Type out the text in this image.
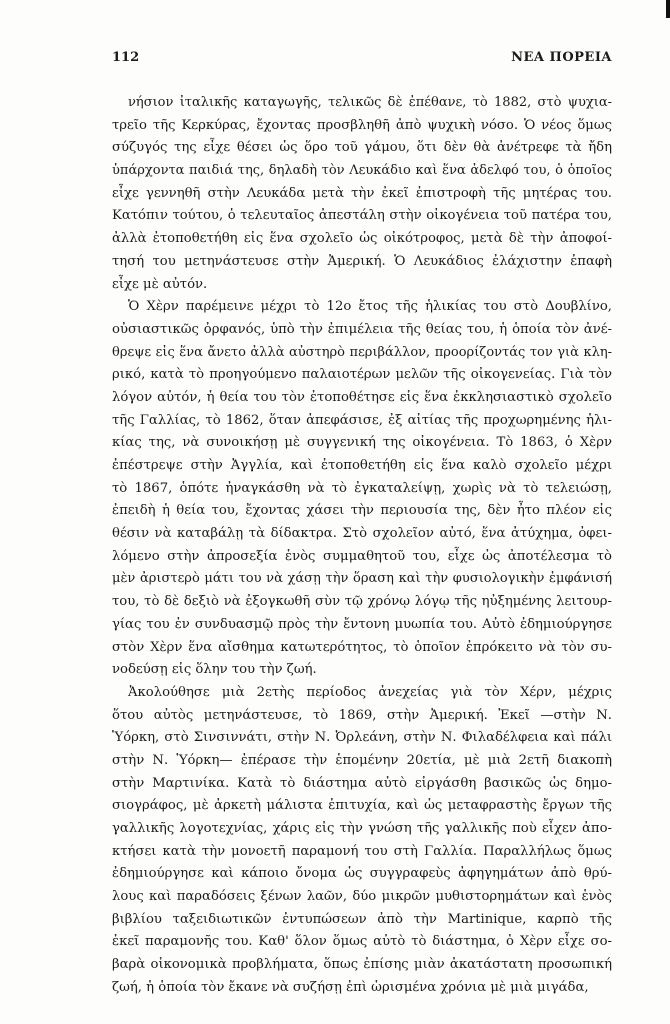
112	ΝΕΑ ΠΟΡΕΙΑ
νήσιον ἰταλικῆς καταγωγῆς, τελικῶς δὲ ἐπέθανε, τὸ 1882, στὸ ψυχια-
τρεῖο τῆς Κερκύρας, ἔχοντας προσβληθῆ ἀπὸ ψυχικὴ νόσο. Ὁ νέος ὅμως
σύζυγός της εἶχε θέσει ὡς ὅρο τοῦ γάμου, ὅτι δὲν θὰ ἀνέτρεφε τὰ ἤδη
ὑπάρχοντα παιδιά της, δηλαδὴ τὸν Λευκάδιο καὶ ἕνα ἀδελφό του, ὁ ὁποῖος
εἶχε γεννηθῆ στὴν Λευκάδα μετὰ τὴν ἐκεῖ ἐπιστροφὴ τῆς μητέρας του.
Κατόπιν τούτου, ὁ τελευταῖος ἀπεστάλη στὴν οἰκογένεια τοῦ πατέρα του,
ἀλλὰ ἐτοποθετήθη εἰς ἕνα σχολεῖο ὡς οἰκότροφος, μετὰ δὲ τὴν ἀποφοί-
τησή του μετηνάστευσε στὴν Ἀμερική. Ὁ Λευκάδιος ἐλάχιστην ἐπαφὴ
εἶχε μὲ αὐτόν.
Ὁ Χὲρν παρέμεινε μέχρι τὸ 12ο ἔτος τῆς ἡλικίας του στὸ Δουβλίνο,
οὐσιαστικῶς ὀρφανός, ὑπὸ τὴν ἐπιμέλεια τῆς θείας του, ἡ ὁποία τὸν ἀνέ-
θρεψε εἰς ἕνα ἄνετο ἀλλὰ αὐστηρὸ περιβάλλον, προορίζοντάς τον γιὰ κλη-
ρικό, κατὰ τὸ προηγούμενο παλαιοτέρων μελῶν τῆς οἰκογενείας. Γιὰ τὸν
λόγον αὐτόν, ἡ θεία του τὸν ἐτοποθέτησε εἰς ἕνα ἐκκλησιαστικὸ σχολεῖο
τῆς Γαλλίας, τὸ 1862, ὅταν ἀπεφάσισε, ἐξ αἰτίας τῆς προχωρημένης ἡλι-
κίας της, νὰ συνοικήσῃ μὲ συγγενική της οἰκογένεια. Τὸ 1863, ὁ Χὲρν
ἐπέστρεψε στὴν Ἀγγλία, καὶ ἐτοποθετήθη εἰς ἕνα καλὸ σχολεῖο μέχρι
τὸ 1867, ὁπότε ἠναγκάσθη νὰ τὸ ἐγκαταλείψῃ, χωρὶς νὰ τὸ τελειώσῃ,
ἐπειδὴ ἡ θεία του, ἔχοντας χάσει τὴν περιουσία της, δὲν ἦτο πλέον εἰς
θέσιν νὰ καταβάλῃ τὰ δίδακτρα. Στὸ σχολεῖον αὐτό, ἕνα ἀτύχημα, ὀφει-
λόμενο στὴν ἀπροσεξία ἑνὸς συμμαθητοῦ του, εἶχε ὡς ἀποτέλεσμα τὸ
μὲν ἀριστερὸ μάτι του νὰ χάσῃ τὴν ὅραση καὶ τὴν φυσιολογικὴν ἐμφάνισή
του, τὸ δὲ δεξιὸ νὰ ἐξογκωθῆ σὺν τῷ χρόνῳ λόγῳ τῆς ηὐξημένης λειτουρ-
γίας του ἐν συνδυασμῷ πρὸς τὴν ἔντονη μυωπία του. Αὐτὸ ἐδημιούργησε
στὸν Χὲρν ἕνα αἴσθημα κατωτερότητος, τὸ ὁποῖον ἐπρόκειτο νὰ τὸν συ-
νοδεύσῃ εἰς ὅλην του τὴν ζωή.
Ἀκολούθησε μιὰ 2ετὴς περίοδος ἀνεχείας γιὰ τὸν Χέρν, μέχρις
ὅτου αὐτὸς μετηνάστευσε, τὸ 1869, στὴν Ἀμερική. Ἐκεῖ —στὴν Ν.
Ὑόρκη, στὸ Σινσιννάτι, στὴν Ν. Ὀρλεάνη, στὴν Ν. Φιλαδέλφεια καὶ πάλι
στὴν Ν. Ὑόρκη— ἐπέρασε τὴν ἑπομένην 20ετία, μὲ μιὰ 2ετῆ διακοπὴ
στὴν Μαρτινίκα. Κατὰ τὸ διάστημα αὐτὸ εἰργάσθη βασικῶς ὡς δημο-
σιογράφος, μὲ ἀρκετὴ μάλιστα ἐπιτυχία, καὶ ὡς μεταφραστὴς ἔργων τῆς
γαλλικῆς λογοτεχνίας, χάρις εἰς τὴν γνώση τῆς γαλλικῆς ποὺ εἶχεν ἀπο-
κτήσει κατὰ τὴν μονοετῆ παραμονή του στὴ Γαλλία. Παραλλήλως ὅμως
ἐδημιούργησε καὶ κάποιο ὄνομα ὡς συγγραφεὺς ἀφηγημάτων ἀπὸ θρύ-
λους καὶ παραδόσεις ξένων λαῶν, δύο μικρῶν μυθιστορημάτων καὶ ἑνὸς
βιβλίου ταξειδιωτικῶν ἐντυπώσεων ἀπὸ τὴν Martinique, καρπὸ τῆς
ἐκεῖ παραμονῆς του. Καθ' ὅλον ὅμως αὐτὸ τὸ διάστημα, ὁ Χὲρν εἶχε σο-
βαρὰ οἰκονομικὰ προβλήματα, ὅπως ἐπίσης μιὰν ἀκατάστατη προσωπική
ζωή, ἡ ὁποία τὸν ἔκανε νὰ συζήσῃ ἐπὶ ὡρισμένα χρόνια μὲ μιὰ μιγάδα,
